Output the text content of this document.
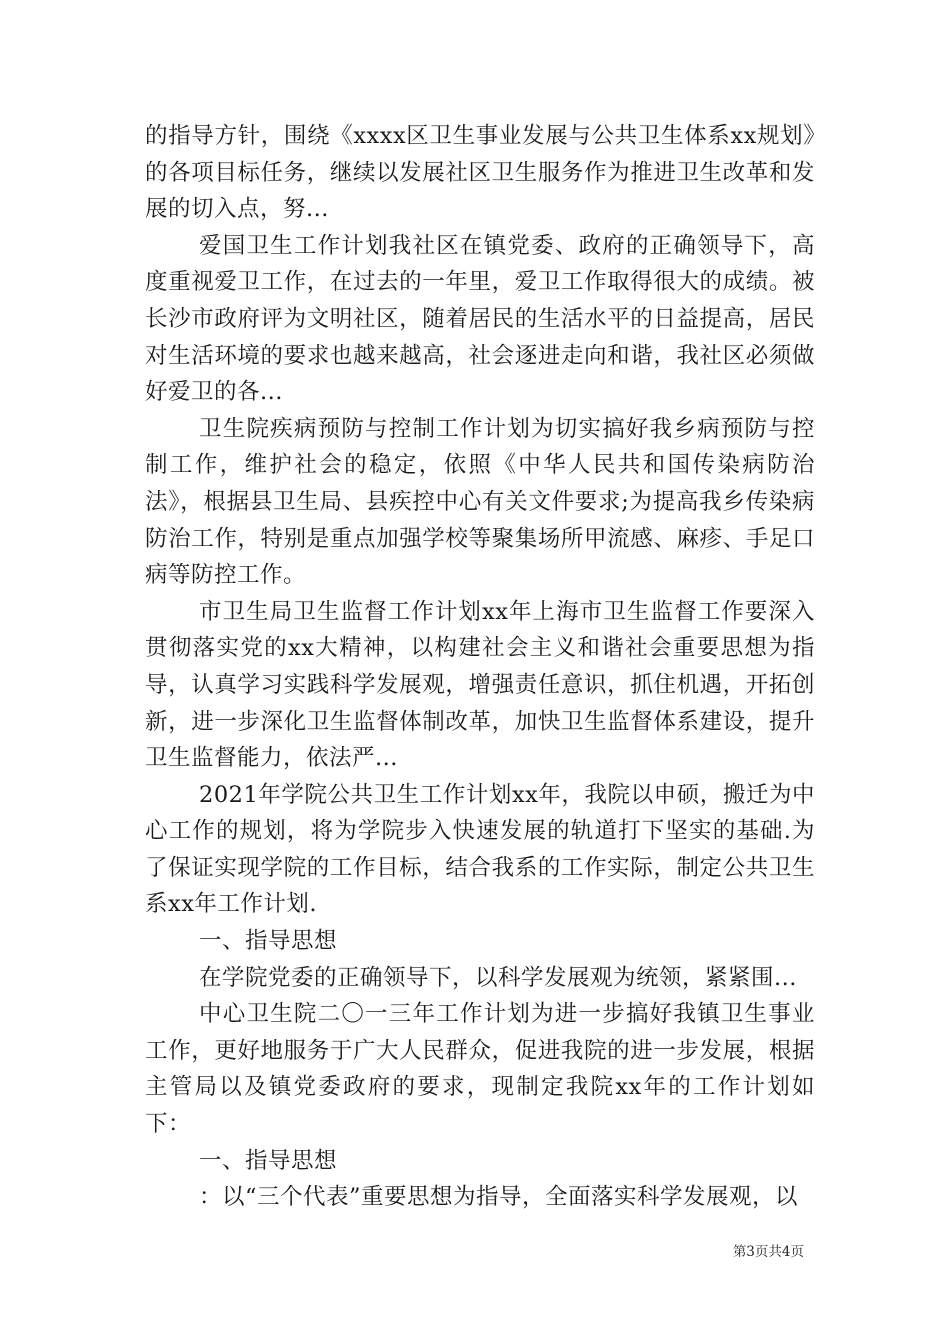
的指导方针，围绕《xxxx区卫生事业发展与公共卫生体系xx规划》的各项目标任务，继续以发展社区卫生服务作为推进卫生改革和发展的切入点，努...

爱国卫生工作计划我社区在镇党委、政府的正确领导下，高度重视爱卫工作，在过去的一年里，爱卫工作取得很大的成绩。被长沙市政府评为文明社区，随着居民的生活水平的日益提高，居民对生活环境的要求也越来越高，社会逐进走向和谐，我社区必须做好爱卫的各...

卫生院疾病预防与控制工作计划为切实搞好我乡病预防与控制工作，维护社会的稳定，依照《中华人民共和国传染病防治法》，根据县卫生局、县疾控中心有关文件要求;为提高我乡传染病防治工作，特别是重点加强学校等聚集场所甲流感、麻疹、手足口病等防控工作。

市卫生局卫生监督工作计划xx年上海市卫生监督工作要深入贯彻落实党的xx大精神，以构建社会主义和谐社会重要思想为指导，认真学习实践科学发展观，增强责任意识，抓住机遇，开拓创新，进一步深化卫生监督体制改革，加快卫生监督体系建设，提升卫生监督能力，依法严...

2021年学院公共卫生工作计划xx年，我院以申硕，搬迁为中心工作的规划，将为学院步入快速发展的轨道打下坚实的基础.为了保证实现学院的工作目标，结合我系的工作实际，制定公共卫生系xx年工作计划.

一、指导思想

在学院党委的正确领导下，以科学发展观为统领，紧紧围...

中心卫生院二〇一三年工作计划为进一步搞好我镇卫生事业工作，更好地服务于广大人民群众，促进我院的进一步发展，根据主管局以及镇党委政府的要求，现制定我院xx年的工作计划如下：

一、指导思想

：以“三个代表”重要思想为指导，全面落实科学发展观，以

第3页共4页
